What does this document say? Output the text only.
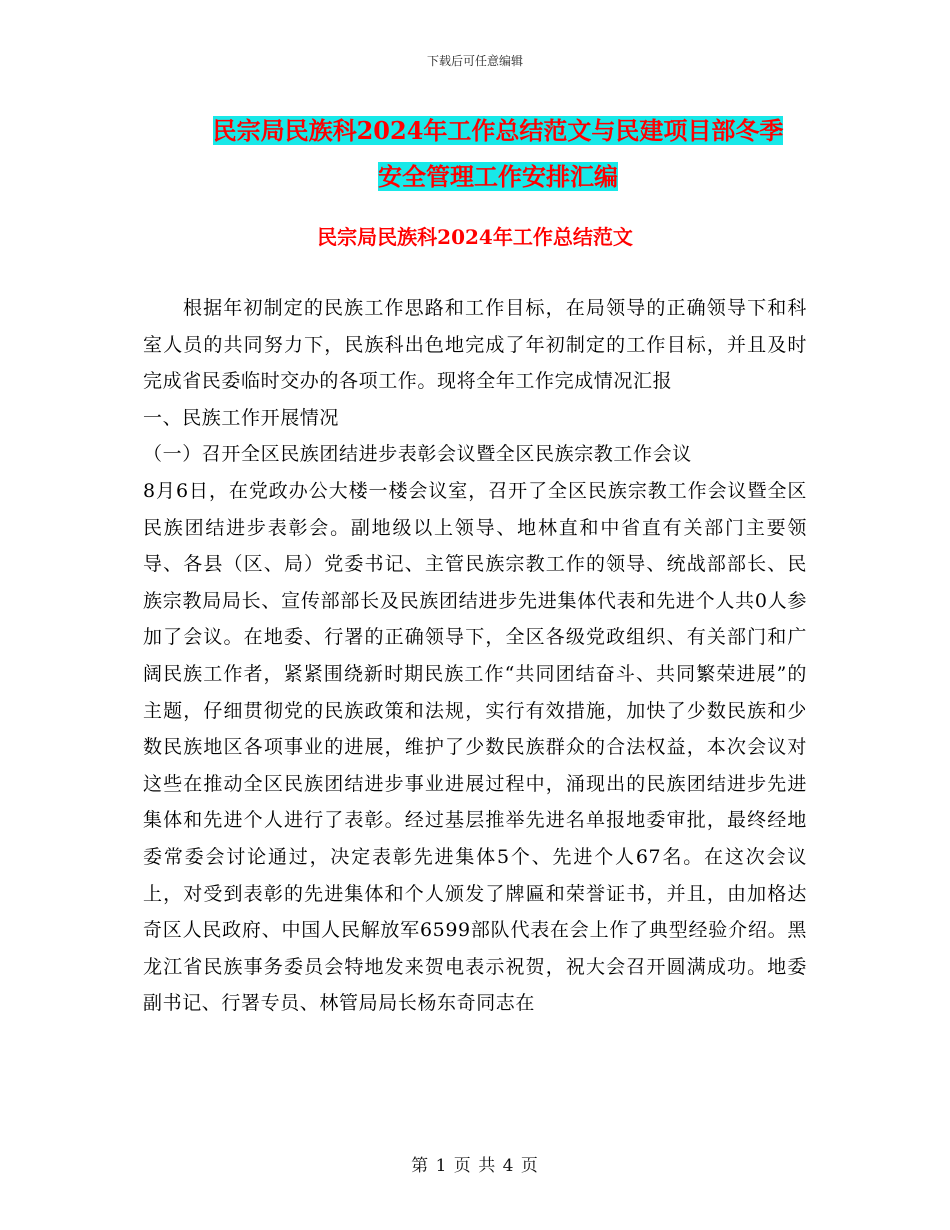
下载后可任意编辑
民宗局民族科2024年工作总结范文与民建项目部冬季
安全管理工作安排汇编
民宗局民族科2024年工作总结范文

根据年初制定的民族工作思路和工作目标，在局领导的正确领导下和科室人员的共同努力下，民族科出色地完成了年初制定的工作目标，并且及时完成省民委临时交办的各项工作。现将全年工作完成情况汇报

一、民族工作开展情况

（一）召开全区民族团结进步表彰会议暨全区民族宗教工作会议

8月6日，在党政办公大楼一楼会议室，召开了全区民族宗教工作会议暨全区民族团结进步表彰会。副地级以上领导、地林直和中省直有关部门主要领导、各县（区、局）党委书记、主管民族宗教工作的领导、统战部部长、民族宗教局局长、宣传部部长及民族团结进步先进集体代表和先进个人共0人参加了会议。在地委、行署的正确领导下，全区各级党政组织、有关部门和广阔民族工作者，紧紧围绕新时期民族工作“共同团结奋斗、共同繁荣进展”的主题，仔细贯彻党的民族政策和法规，实行有效措施，加快了少数民族和少数民族地区各项事业的进展，维护了少数民族群众的合法权益，本次会议对这些在推动全区民族团结进步事业进展过程中，涌现出的民族团结进步先进集体和先进个人进行了表彰。经过基层推举先进名单报地委审批，最终经地委常委会讨论通过，决定表彰先进集体5个、先进个人67名。在这次会议上，对受到表彰的先进集体和个人颁发了牌匾和荣誉证书，并且，由加格达奇区人民政府、中国人民解放军6599部队代表在会上作了典型经验介绍。黑龙江省民族事务委员会特地发来贺电表示祝贺，祝大会召开圆满成功。地委副书记、行署专员、林管局局长杨东奇同志在

第 1 页 共 4 页
